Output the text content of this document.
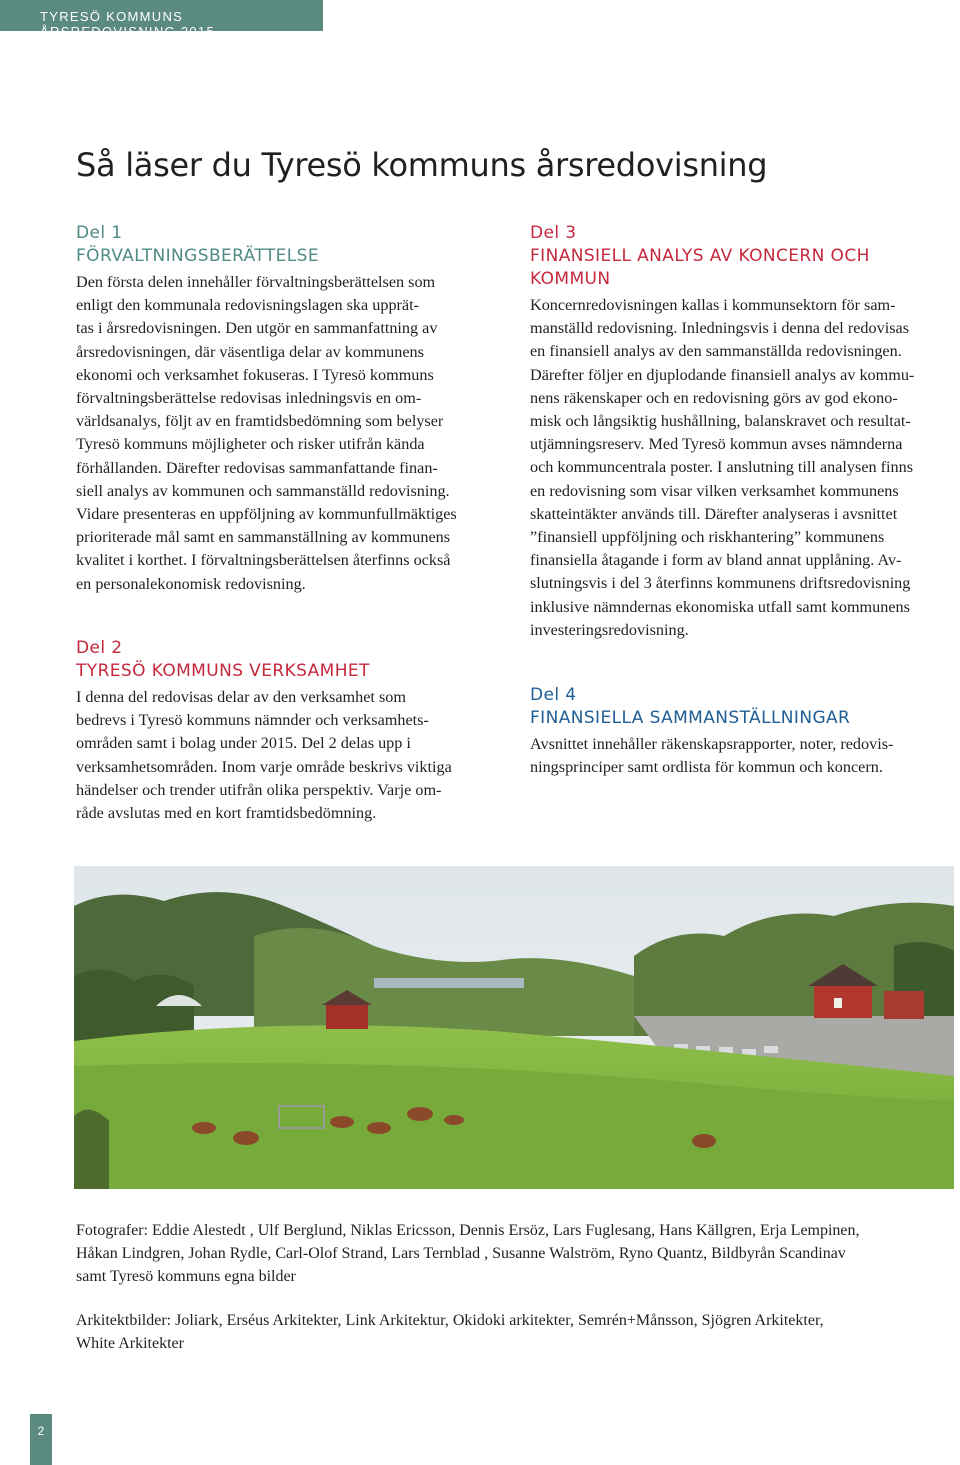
TYRESÖ KOMMUNS ÅRSREDOVISNING 2015
Så läser du Tyresö kommuns årsredovisning
Del 1
FÖRVALTNINGSBERÄTTELSE
Den första delen innehåller förvaltningsberättelsen som
enligt den kommunala redovisningslagen ska upprät-
tas i årsredovisningen. Den utgör en sammanfattning av
årsredovisningen, där väsentliga delar av kommunens
ekonomi och verksamhet fokuseras. I Tyresö kommuns
förvaltningsberättelse redovisas inledningsvis en om-
världsanalys, följt av en framtidsbedömning som belyser
Tyresö kommuns möjligheter och risker utifrån kända
förhållanden. Därefter redovisas sammanfattande finan-
siell analys av kommunen och sammanställd redovisning.
Vidare presenteras en uppföljning av kommunfullmäktiges
prioriterade mål samt en sammanställning av kommunens
kvalitet i korthet. I förvaltningsberättelsen återfinns också
en personalekonomisk redovisning.
Del 2
TYRESÖ KOMMUNS VERKSAMHET
I denna del redovisas delar av den verksamhet som
bedrevs i Tyresö kommuns nämnder och verksamhets-
områden samt i bolag under 2015. Del 2 delas upp i
verksamhetsområden. Inom varje område beskrivs viktiga
händelser och trender utifrån olika perspektiv. Varje om-
råde avslutas med en kort framtidsbedömning.
Del 3
FINANSIELL ANALYS AV KONCERN OCH
KOMMUN
Koncernredovisningen kallas i kommunsektorn för sam-
manställd redovisning. Inledningsvis i denna del redovisas
en finansiell analys av den sammanställda redovisningen.
Därefter följer en djuplodande finansiell analys av kommu-
nens räkenskaper och en redovisning görs av god ekono-
misk och långsiktig hushållning, balanskravet och resultat-
utjämningsreserv. Med Tyresö kommun avses nämnderna
och kommuncentrala poster. I anslutning till analysen finns
en redovisning som visar vilken verksamhet kommunens
skatteintäkter används till. Därefter analyseras i avsnittet
”finansiell uppföljning och riskhantering” kommunens
finansiella åtagande i form av bland annat upplåning. Av-
slutningsvis i del 3 återfinns kommunens driftsredovisning
inklusive nämndernas ekonomiska utfall samt kommunens
investeringsredovisning.
Del 4
FINANSIELLA SAMMANSTÄLLNINGAR
Avsnittet innehåller räkenskapsrapporter, noter, redovis-
ningsprinciper samt ordlista för kommun och koncern.
Fotografer: Eddie Alestedt , Ulf Berglund, Niklas Ericsson, Dennis Ersöz, Lars Fuglesang, Hans Källgren, Erja Lempinen,
Håkan Lindgren, Johan Rydle, Carl-Olof Strand, Lars Ternblad , Susanne Walström, Ryno Quantz, Bildbyrån Scandinav
samt Tyresö kommuns egna bilder
Arkitektbilder: Joliark, Erséus Arkitekter, Link Arkitektur, Okidoki arkitekter, Semrén+Månsson, Sjögren Arkitekter,
White Arkitekter
2
